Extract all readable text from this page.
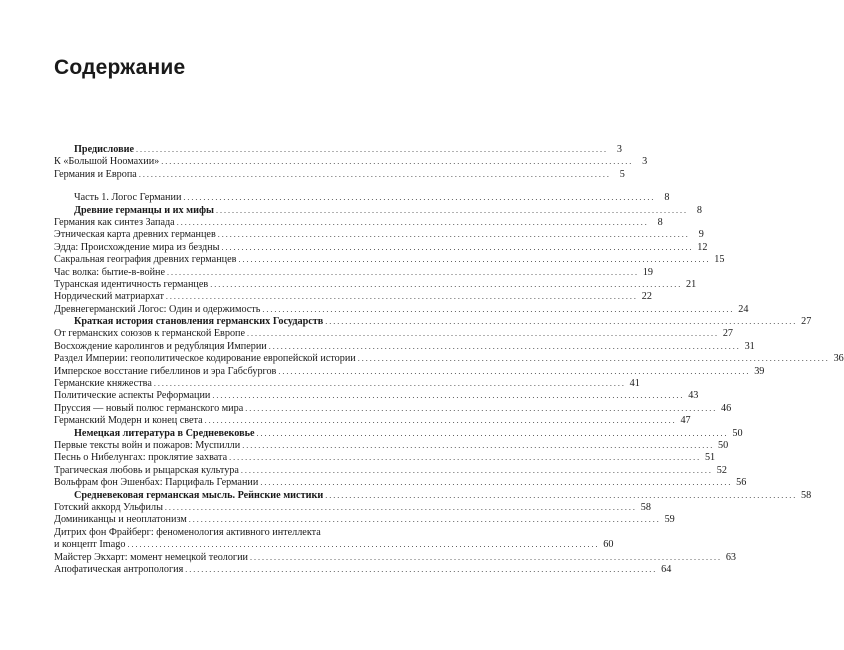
Содержание
Предисловие . . .	3
К «Большой Ноомахии» . . .	3
Германия и Европа . . .	5
Часть 1. Логос Германии . . .	8
Древние германцы и их мифы . . .	8
Германия как синтез Запада . . .	8
Этническая карта древних германцев . . .	9
Эдда: Происхождение мира из бездны . . .	12
Сакральная география древних германцев . . .	15
Час волка: бытие-в-войне . . .	19
Туранская идентичность германцев . . .	21
Нордический матриархат . . .	22
Древнегерманский Логос: Один и одержимость . . .	24
Краткая история становления германских Государств . . .	27
От германских союзов к германской Европе . . .	27
Восхождение каролингов и редубляция Империи . . .	31
Раздел Империи: геополитическое кодирование европейской истории . . .	36
Имперское восстание гибеллинов и эра Габсбургов . . .	39
Германские княжества . . .	41
Политические аспекты Реформации . . .	43
Пруссия — новый полюс германского мира . . .	46
Германский Модерн и конец света . . .	47
Немецкая литература в Средневековье . . .	50
Первые тексты войн и пожаров: Муспилли . . .	50
Песнь о Нибелунгах: проклятие захвата . . .	51
Трагическая любовь и рыцарская культура . . .	52
Вольфрам фон Эшенбах: Парцифаль Германии . . .	56
Средневековая германская мысль. Рейнские мистики . . .	58
Готский аккорд Ульфилы . . .	58
Доминиканцы и неоплатонизм . . .	59
Дитрих фон Фрайберг: феноменология активного интеллекта
и концепт Imago . . .	60
Майстер Экхарт: момент немецкой теологии . . .	63
Апофатическая антропология . . .	64
